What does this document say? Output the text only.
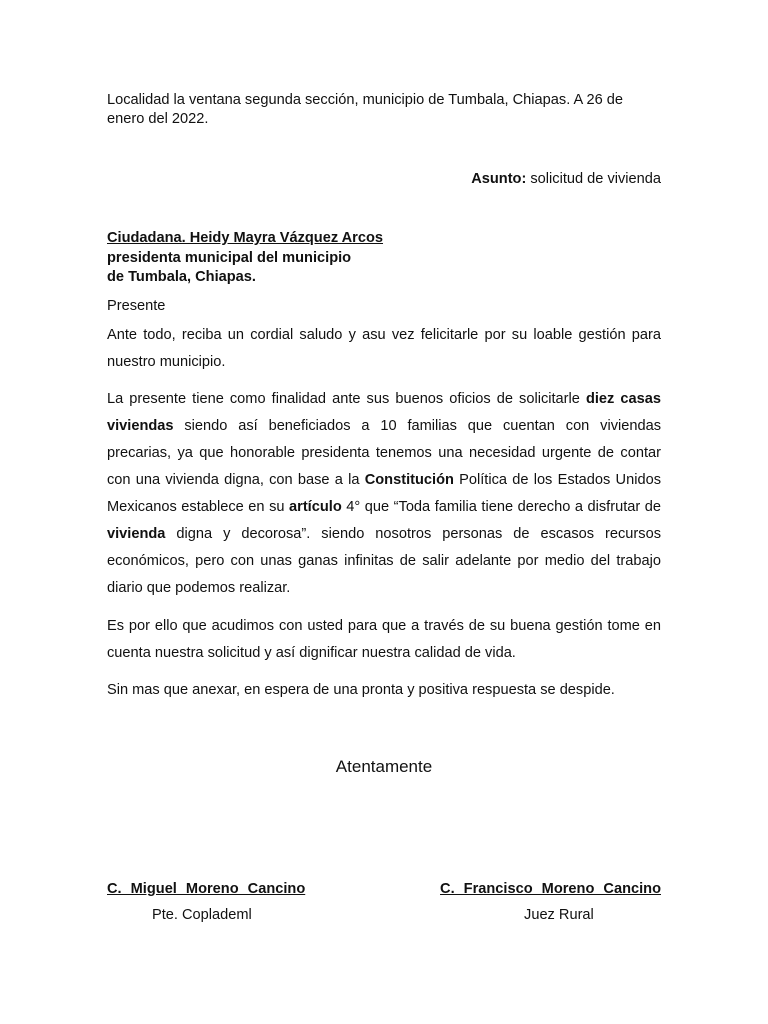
Localidad la ventana segunda sección, municipio de Tumbala, Chiapas. A 26 de enero del 2022.
Asunto: solicitud de vivienda
Ciudadana. Heidy Mayra Vázquez Arcos
presidenta municipal del municipio
de Tumbala, Chiapas.
Presente
Ante todo, reciba un cordial saludo y asu vez felicitarle por su loable gestión para nuestro municipio.
La presente tiene como finalidad ante sus buenos oficios de solicitarle diez casas viviendas siendo así beneficiados a 10 familias que cuentan con viviendas precarias, ya que honorable presidenta tenemos una necesidad urgente de contar con una vivienda digna, con base a la Constitución Política de los Estados Unidos Mexicanos establece en su artículo 4° que “Toda familia tiene derecho a disfrutar de vivienda digna y decorosa”. siendo nosotros personas de escasos recursos económicos, pero con unas ganas infinitas de salir adelante por medio del trabajo diario que podemos realizar.
Es por ello que acudimos con usted para que a través de su buena gestión tome en cuenta nuestra solicitud y así dignificar nuestra calidad de vida.
Sin mas que anexar, en espera de una pronta y positiva respuesta se despide.
Atentamente
C. Miguel Moreno Cancino
Pte. Coplademl
C. Francisco Moreno Cancino
Juez Rural
